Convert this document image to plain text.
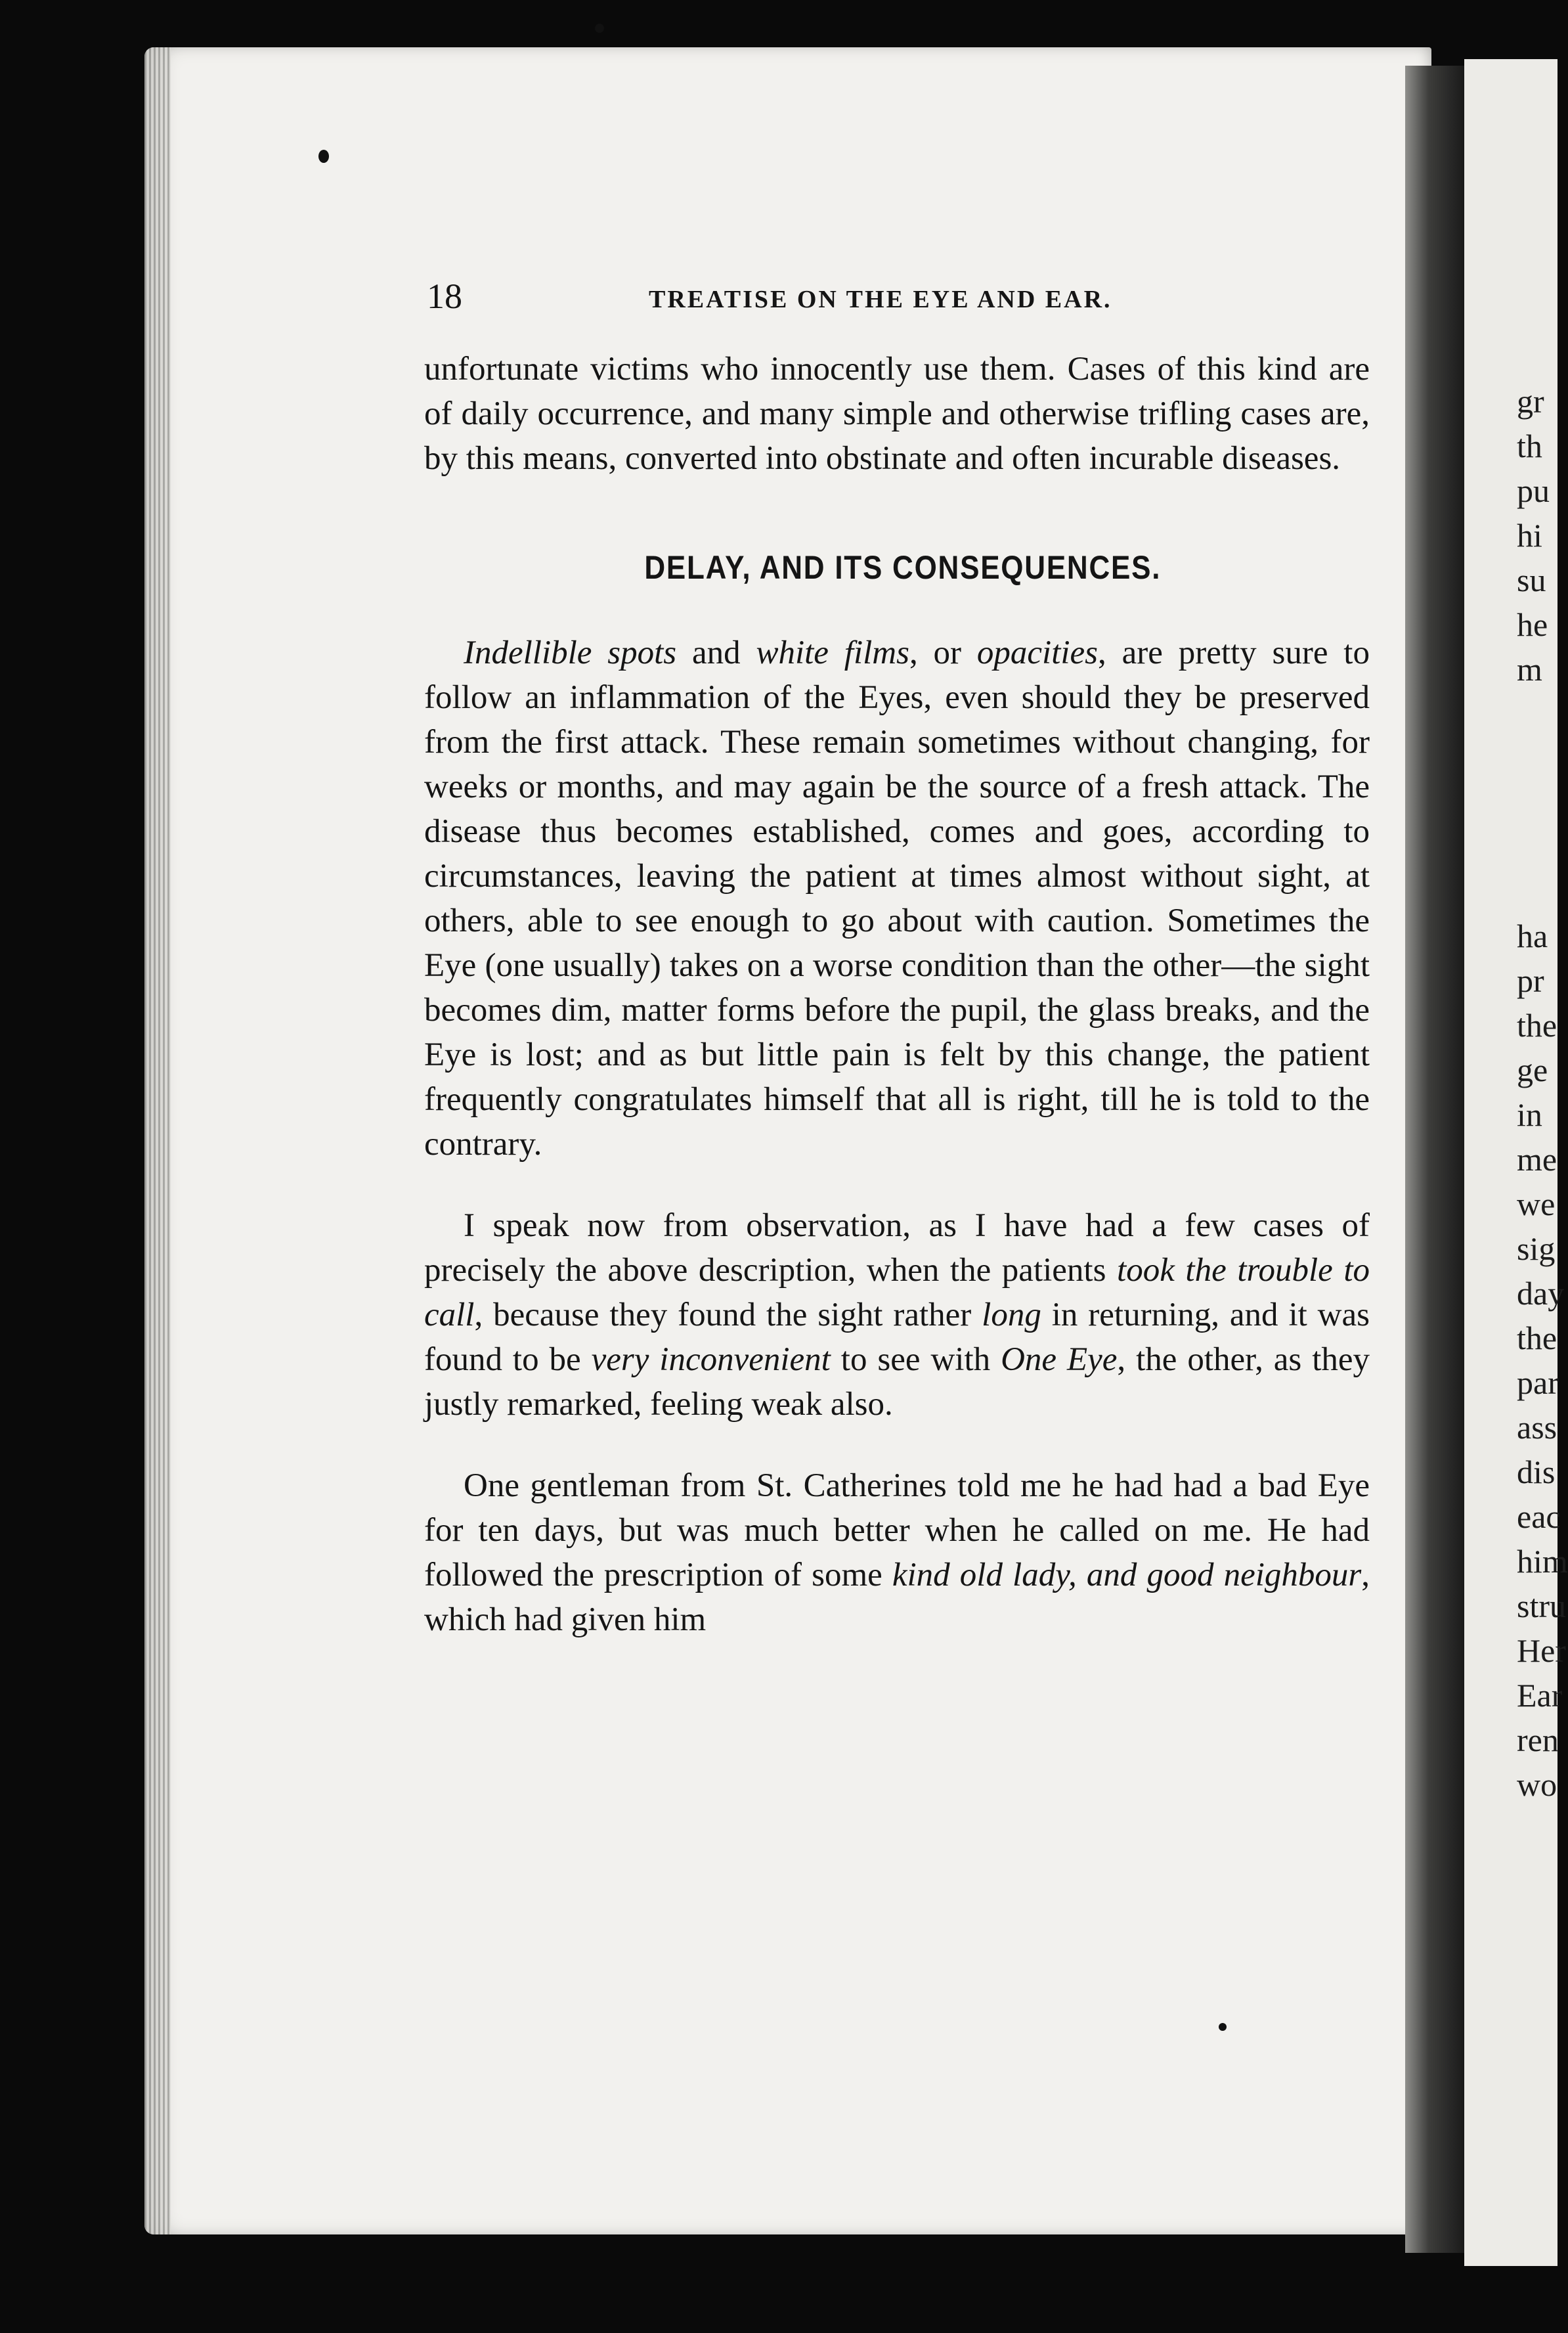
gr
th
pu
hi
su
he
m
ha
pr
the
ge
in
me
we
sig
day
the
par
ass
dis
eac
him
stru
Her
Ear
ren
wo
18	TREATISE ON THE EYE AND EAR.
unfortunate victims who innocently use them. Cases of this kind are of daily occurrence, and many simple and otherwise trifling cases are, by this means, converted into obstinate and often incurable diseases.
DELAY, AND ITS CONSEQUENCES.

Indellible spots and white films, or opacities, are pretty sure to follow an inflammation of the Eyes, even should they be preserved from the first attack. These remain sometimes without changing, for weeks or months, and may again be the source of a fresh attack. The disease thus becomes established, comes and goes, according to circumstances, leaving the patient at times almost without sight, at others, able to see enough to go about with caution. Sometimes the Eye (one usually) takes on a worse condition than the other—the sight becomes dim, matter forms before the pupil, the glass breaks, and the Eye is lost; and as but little pain is felt by this change, the patient frequently congratulates himself that all is right, till he is told to the contrary.

I speak now from observation, as I have had a few cases of precisely the above description, when the patients took the trouble to call, because they found the sight rather long in returning, and it was found to be very inconvenient to see with One Eye, the other, as they justly remarked, feeling weak also.

One gentleman from St. Catherines told me he had had a bad Eye for ten days, but was much better when he called on me. He had followed the prescription of some kind old lady, and good neighbour, which had given him
